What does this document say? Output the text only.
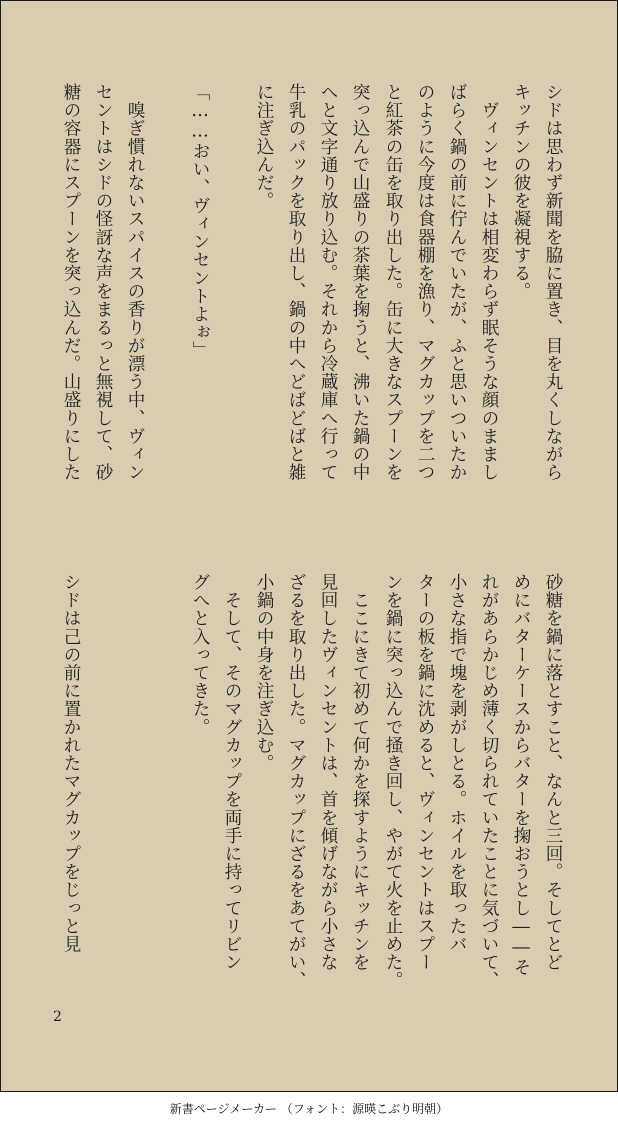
シドは思わず新聞を脇に置き、目を丸くしながら
キッチンの彼を凝視する。
　ヴィンセントは相変わらず眠そうな顔のままし
ばらく鍋の前に佇んでいたが、ふと思いついたか
のように今度は食器棚を漁り、マグカップを二つ
と紅茶の缶を取り出した。缶に大きなスプーンを
突っ込んで山盛りの茶葉を掬うと、沸いた鍋の中
へと文字通り放り込む。それから冷蔵庫へ行って
牛乳のパックを取り出し、鍋の中へどばどばと雑
に注ぎ込んだ。
「……おい、ヴィンセントよぉ」
　嗅ぎ慣れないスパイスの香りが漂う中、ヴィン
セントはシドの怪訝な声をまるっと無視して、砂
糖の容器にスプーンを突っ込んだ。山盛りにした
砂糖を鍋に落とすこと、なんと三回。そしてとど
めにバターケースからバターを掬おうとし――そ
れがあらかじめ薄く切られていたことに気づいて、
小さな指で塊を剥がしとる。ホイルを取ったバ
ターの板を鍋に沈めると、ヴィンセントはスプー
ンを鍋に突っ込んで掻き回し、やがて火を止めた。
　ここにきて初めて何かを探すようにキッチンを
見回したヴィンセントは、首を傾げながら小さな
ざるを取り出した。マグカップにざるをあてがい、
小鍋の中身を注ぎ込む。
　そして、そのマグカップを両手に持ってリビン
グへと入ってきた。
シドは己の前に置かれたマグカップをじっと見
2
新書ページメーカー （フォント：源暎こぶり明朝）
